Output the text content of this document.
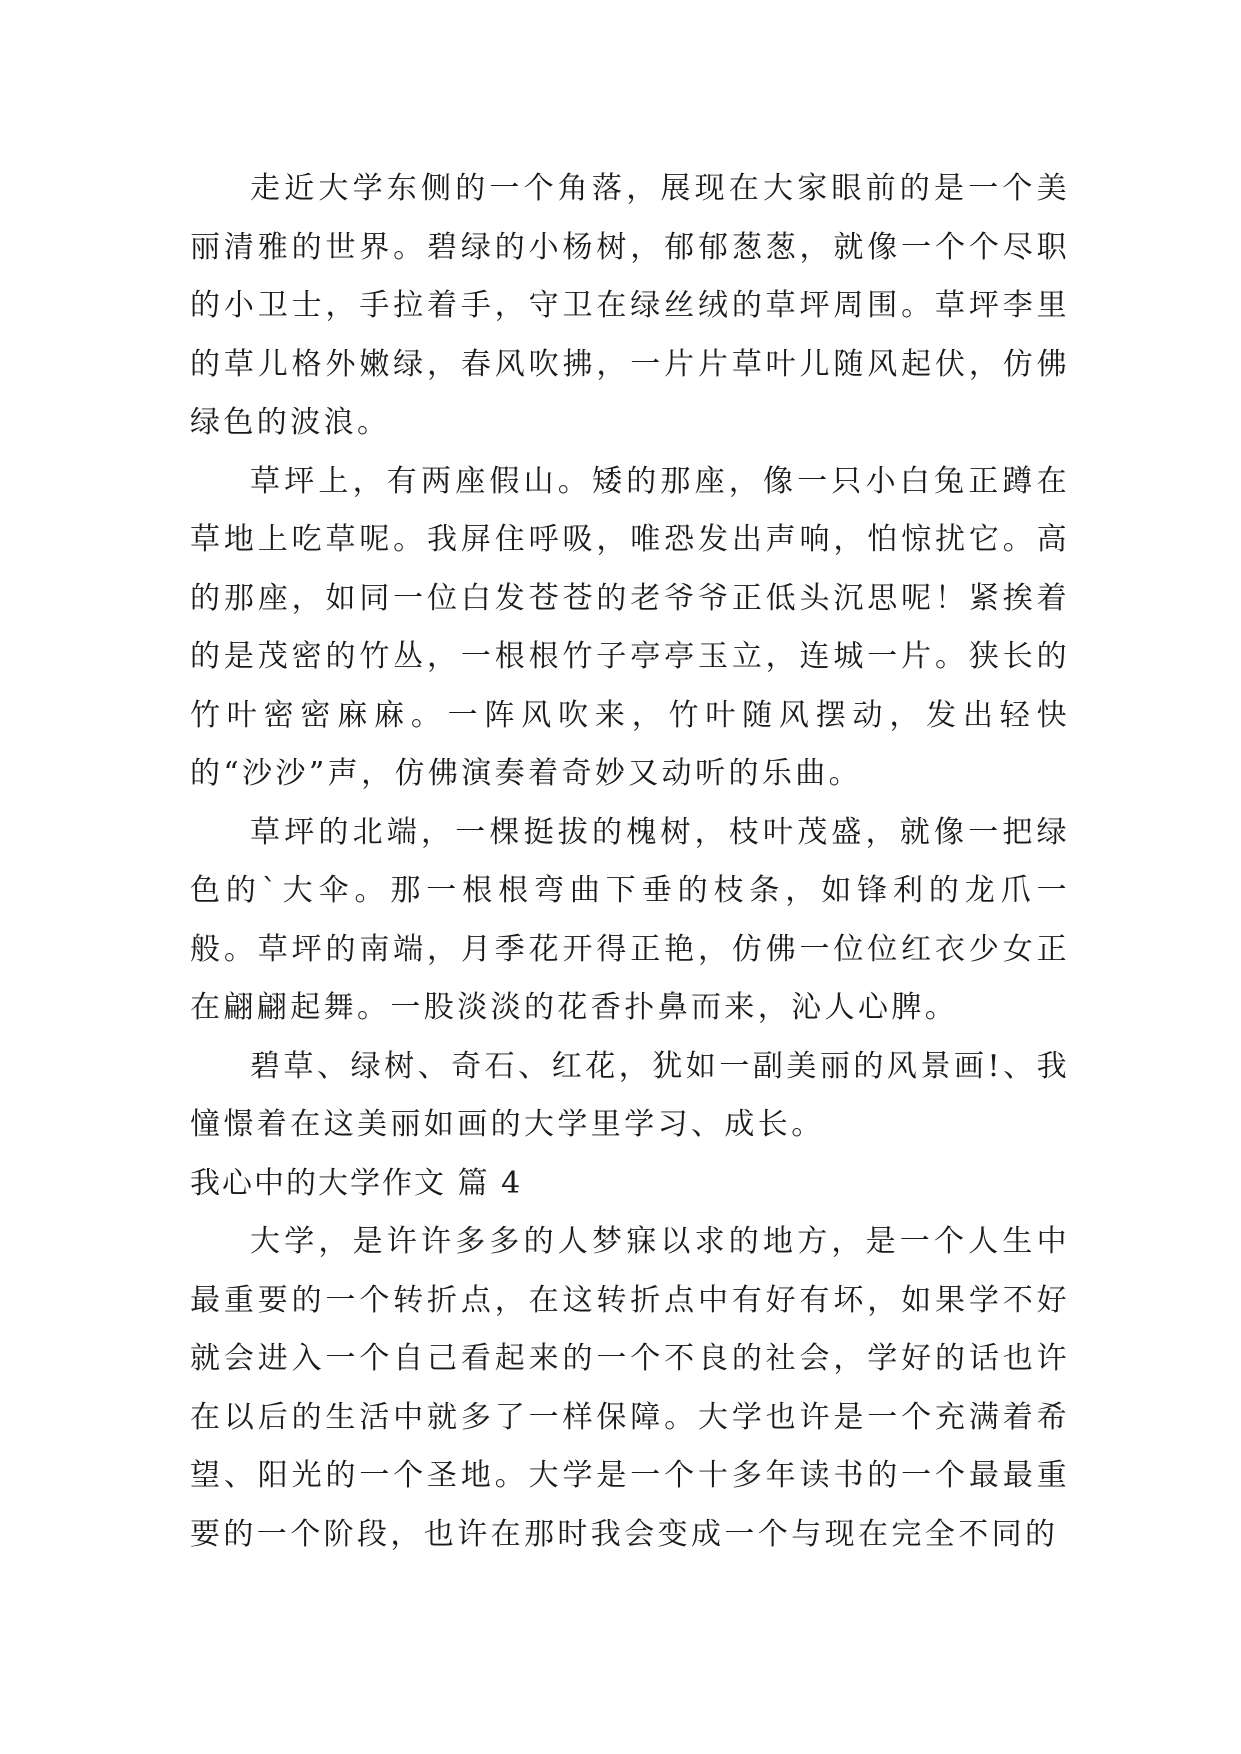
走近大学东侧的一个角落，展现在大家眼前的是一个美丽清雅的世界。碧绿的小杨树，郁郁葱葱，就像一个个尽职的小卫士，手拉着手，守卫在绿丝绒的草坪周围。草坪李里的草儿格外嫩绿，春风吹拂，一片片草叶儿随风起伏，仿佛绿色的波浪。

草坪上，有两座假山。矮的那座，像一只小白兔正蹲在草地上吃草呢。我屏住呼吸，唯恐发出声响，怕惊扰它。高的那座，如同一位白发苍苍的老爷爷正低头沉思呢！紧挨着的是茂密的竹丛，一根根竹子亭亭玉立，连城一片。狭长的竹叶密密麻麻。一阵风吹来，竹叶随风摆动，发出轻快的“沙沙”声，仿佛演奏着奇妙又动听的乐曲。

草坪的北端，一棵挺拔的槐树，枝叶茂盛，就像一把绿色的`大伞。那一根根弯曲下垂的枝条，如锋利的龙爪一般。草坪的南端，月季花开得正艳，仿佛一位位红衣少女正在翩翩起舞。一股淡淡的花香扑鼻而来，沁人心脾。

碧草、绿树、奇石、红花，犹如一副美丽的风景画!、我憧憬着在这美丽如画的大学里学习、成长。

我心中的大学作文 篇 4

大学，是许许多多的人梦寐以求的地方，是一个人生中最重要的一个转折点，在这转折点中有好有坏，如果学不好就会进入一个自己看起来的一个不良的社会，学好的话也许在以后的生活中就多了一样保障。大学也许是一个充满着希望、阳光的一个圣地。大学是一个十多年读书的一个最最重要的一个阶段，也许在那时我会变成一个与现在完全不同的
